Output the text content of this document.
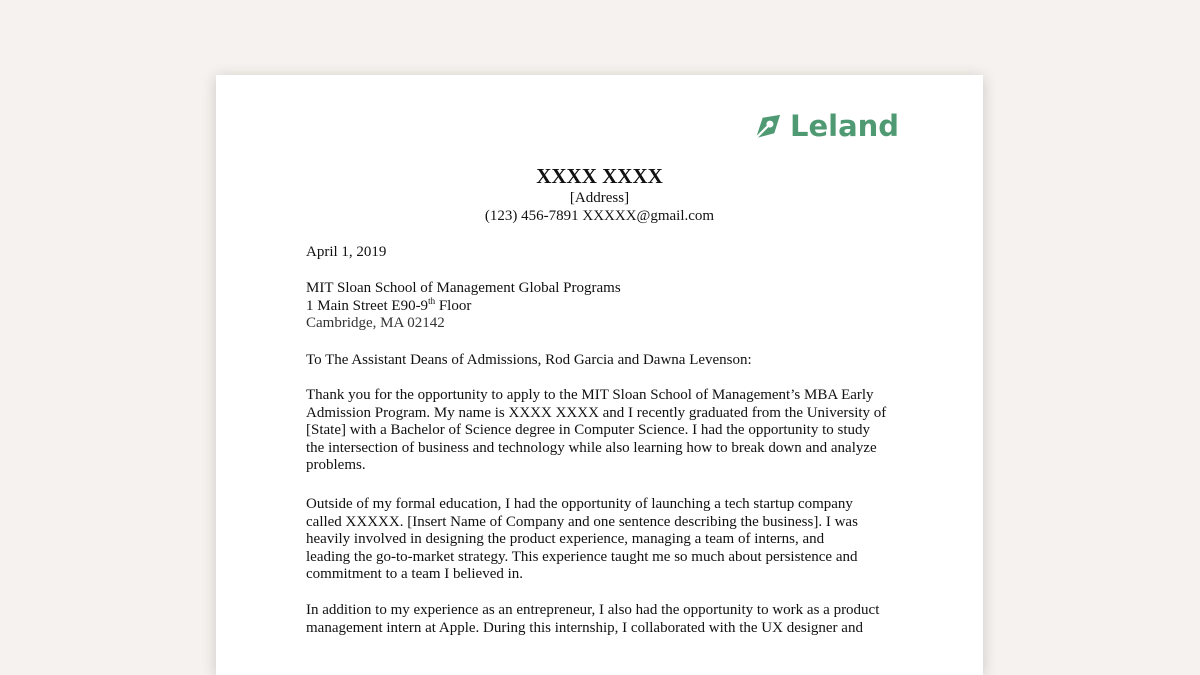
Leland
XXXX XXXX
[Address]
(123) 456-7891 XXXXX@gmail.com
April 1, 2019
MIT Sloan School of Management Global Programs
1 Main Street E90-9th Floor
Cambridge, MA 02142
To The Assistant Deans of Admissions, Rod Garcia and Dawna Levenson:
Thank you for the opportunity to apply to the MIT Sloan School of Management’s MBA Early
Admission Program. My name is XXXX XXXX and I recently graduated from the University of
[State] with a Bachelor of Science degree in Computer Science. I had the opportunity to study
the intersection of business and technology while also learning how to break down and analyze
problems.
Outside of my formal education, I had the opportunity of launching a tech startup company
called XXXXX. [Insert Name of Company and one sentence describing the business]. I was
heavily involved in designing the product experience, managing a team of interns, and
leading the go-to-market strategy. This experience taught me so much about persistence and
commitment to a team I believed in.
In addition to my experience as an entrepreneur, I also had the opportunity to work as a product
management intern at Apple. During this internship, I collaborated with the UX designer and
